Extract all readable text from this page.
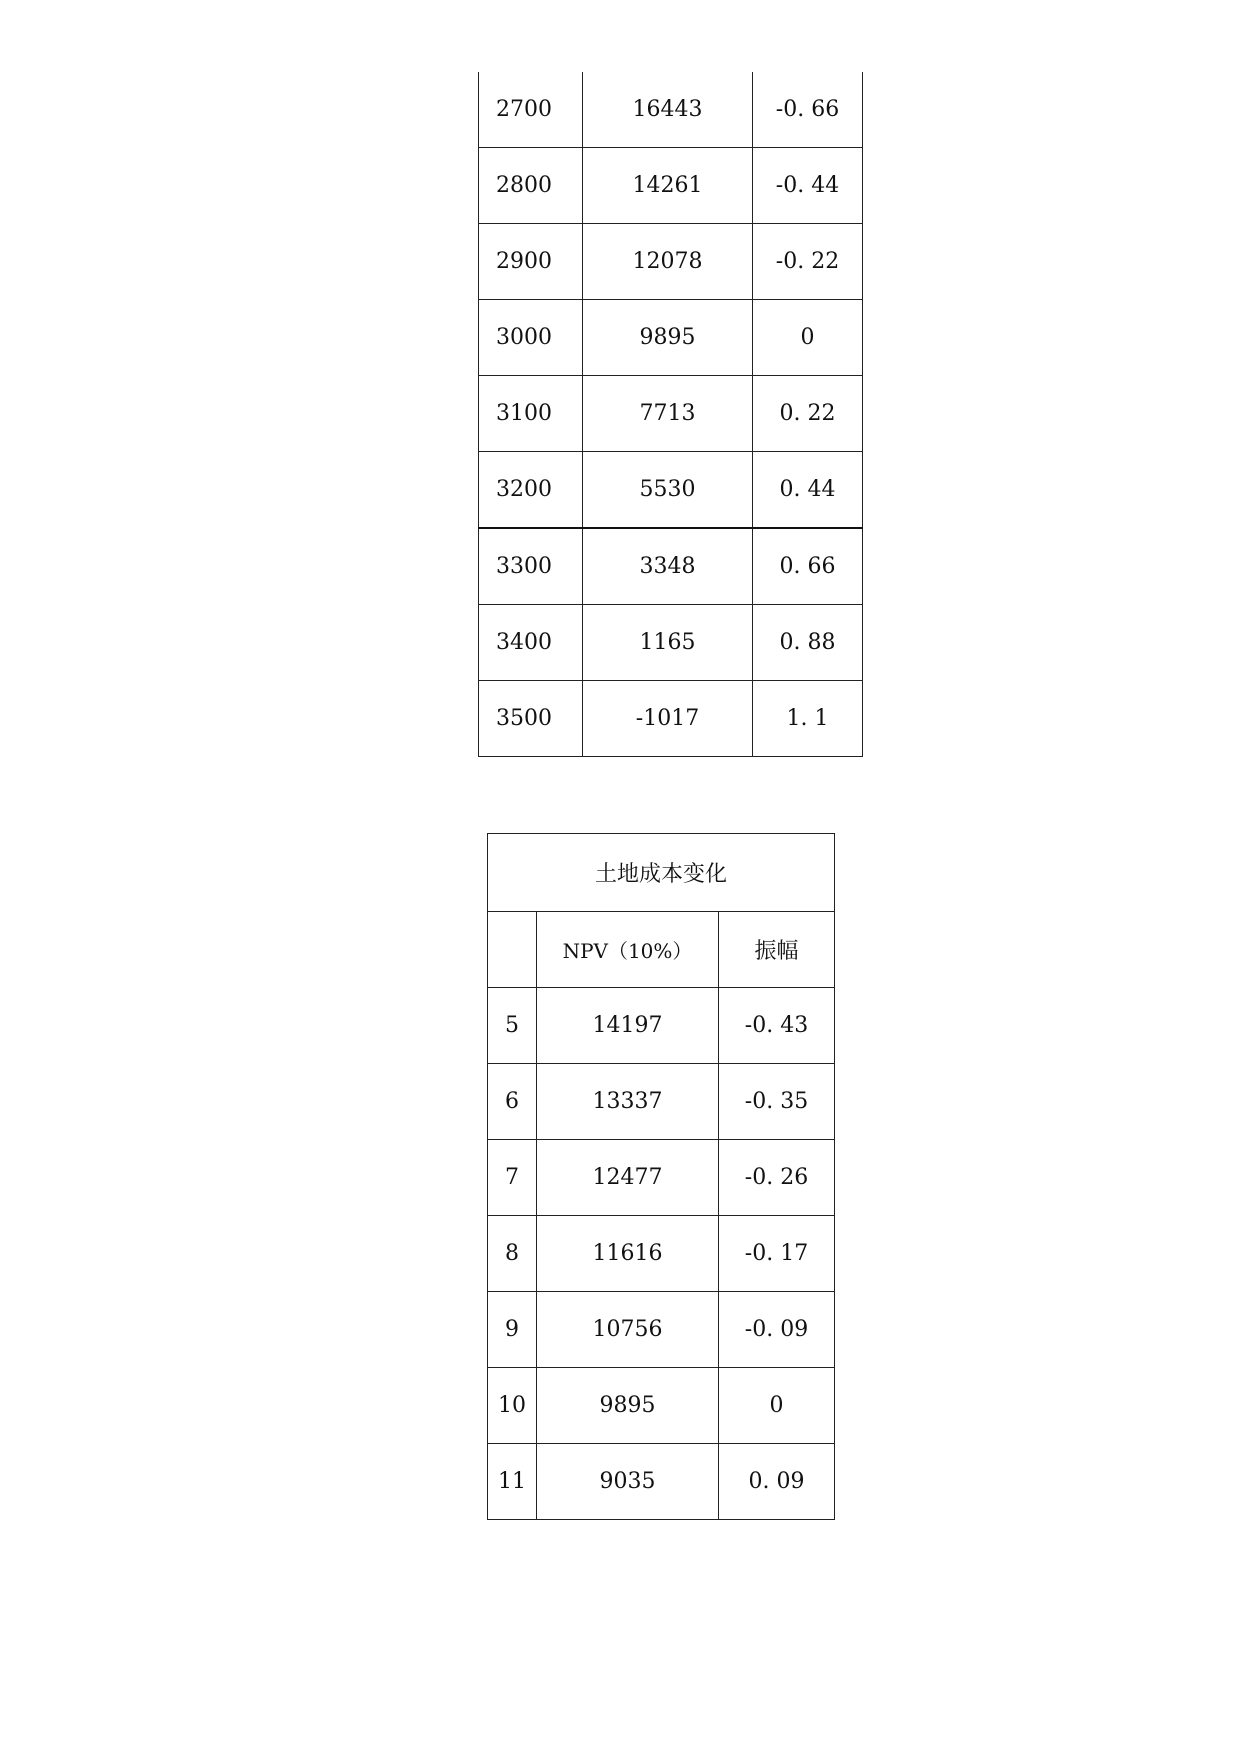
2700	16443	-0. 66
2800	14261	-0. 44
2900	12078	-0. 22
3000	9895	0
3100	7713	0. 22
3200	5530	0. 44
3300	3348	0. 66
3400	1165	0. 88
3500	-1017	1. 1
土地成本变化		
	NPV（10%）	振幅
5	14197	-0. 43
6	13337	-0. 35
7	12477	-0. 26
8	11616	-0. 17
9	10756	-0. 09
10	9895	0
11	9035	0. 09
